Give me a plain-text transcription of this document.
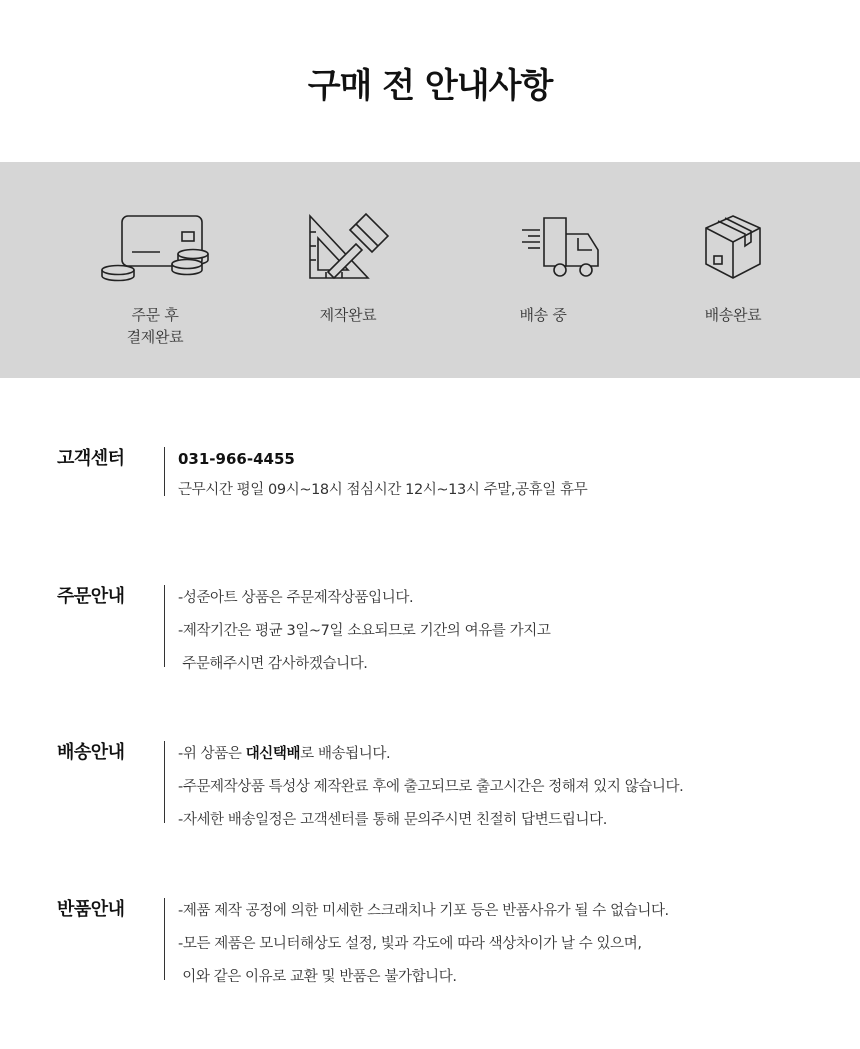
구매 전 안내사항
주문 후
결제완료
제작완료	배송 중	배송완료
고객센터	031-966-4455
근무시간 평일 09시~18시 점심시간 12시~13시 주말,공휴일 휴무
주문안내	-성준아트 상품은 주문제작상품입니다.
-제작기간은 평균 3일~7일 소요되므로 기간의 여유를 가지고
주문해주시면 감사하겠습니다.
배송안내	-위 상품은 대신택배로 배송됩니다.
-주문제작상품 특성상 제작완료 후에 출고되므로 출고시간은 정해져 있지 않습니다.
-자세한 배송일정은 고객센터를 통해 문의주시면 친절히 답변드립니다.
반품안내	-제품 제작 공정에 의한 미세한 스크래치나 기포 등은 반품사유가 될 수 없습니다.
-모든 제품은 모니터해상도 설정, 빛과 각도에 따라 색상차이가 날 수 있으며,
이와 같은 이유로 교환 및 반품은 불가합니다.
